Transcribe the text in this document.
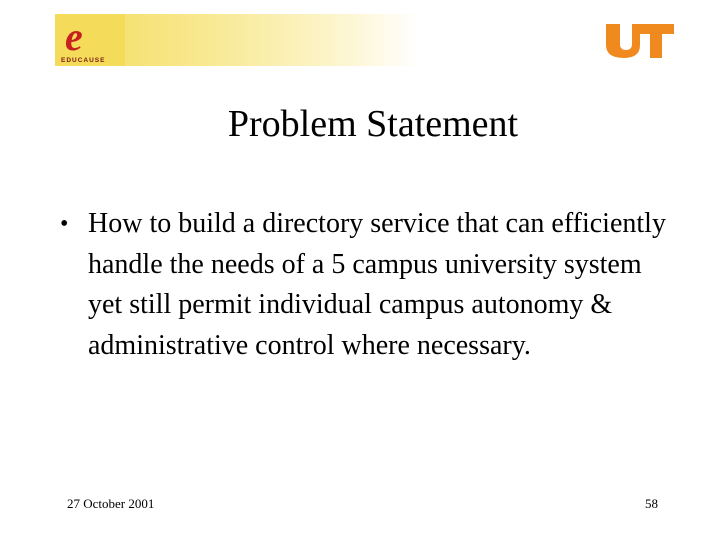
e
EDUCAUSE
UT
Problem Statement
• How to build a directory service that can efficiently handle the needs of a 5 campus university system yet still permit individual campus autonomy & administrative control where necessary.
27 October 2001	58
